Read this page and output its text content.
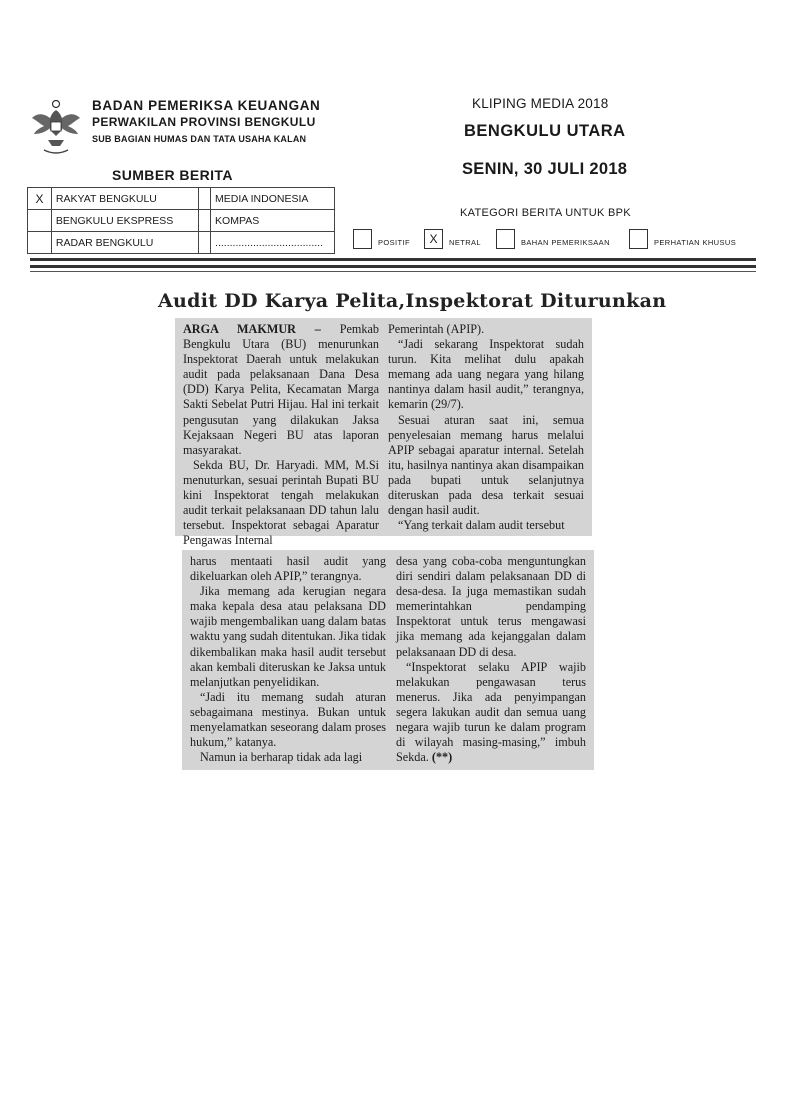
BADAN PEMERIKSA KEUANGAN
PERWAKILAN PROVINSI BENGKULU
SUB BAGIAN HUMAS DAN TATA USAHA KALAN
KLIPING MEDIA 2018
BENGKULU UTARA
SENIN, 30 JULI 2018
SUMBER BERITA
X	RAKYAT BENGKULU		MEDIA INDONESIA
	BENGKULU EKSPRESS		KOMPAS
	RADAR BENGKULU		.....................................
KATEGORI BERITA UNTUK BPK
POSITIF	X	NETRAL	BAHAN PEMERIKSAAN	PERHATIAN KHUSUS
Audit DD Karya Pelita,Inspektorat Diturunkan

ARGA MAKMUR – Pemkab Bengkulu Utara (BU) menurunkan Inspektorat Daerah untuk melakukan audit pada pelaksanaan Dana Desa (DD) Karya Pelita, Kecamatan Marga Sakti Sebelat Putri Hijau. Hal ini terkait pengusutan yang dilakukan Jaksa Kejaksaan Negeri BU atas laporan masyarakat.

Sekda BU, Dr. Haryadi. MM, M.Si menuturkan, sesuai perintah Bupati BU kini Inspektorat tengah melakukan audit terkait pelaksanaan DD tahun lalu tersebut. Inspektorat sebagai Aparatur Pengawas Internal

Pemerintah (APIP).

“Jadi sekarang Inspektorat sudah turun. Kita melihat dulu apakah memang ada uang negara yang hilang nantinya dalam hasil audit,” terangnya, kemarin (29/7).

Sesuai aturan saat ini, semua penyelesaian memang harus melalui APIP sebagai aparatur internal. Setelah itu, hasilnya nantinya akan disampaikan pada bupati untuk selanjutnya diteruskan pada desa terkait sesuai dengan hasil audit.

“Yang terkait dalam audit tersebut

harus mentaati hasil audit yang dikeluarkan oleh APIP,” terangnya.

Jika memang ada kerugian negara maka kepala desa atau pelaksana DD wajib mengembalikan uang dalam batas waktu yang sudah ditentukan. Jika tidak dikembalikan maka hasil audit tersebut akan kembali diteruskan ke Jaksa untuk melanjutkan penyelidikan.

“Jadi itu memang sudah aturan sebagaimana mestinya. Bukan untuk menyelamatkan seseorang dalam proses hukum,” katanya.

Namun ia berharap tidak ada lagi

desa yang coba-coba menguntungkan diri sendiri dalam pelaksanaan DD di desa-desa. Ia juga memastikan sudah memerintahkan pendamping Inspektorat untuk terus mengawasi jika memang ada kejanggalan dalam pelaksanaan DD di desa.

“Inspektorat selaku APIP wajib melakukan pengawasan terus menerus. Jika ada penyimpangan segera lakukan audit dan semua uang negara wajib turun ke dalam program di wilayah masing-masing,” imbuh Sekda. (**)
